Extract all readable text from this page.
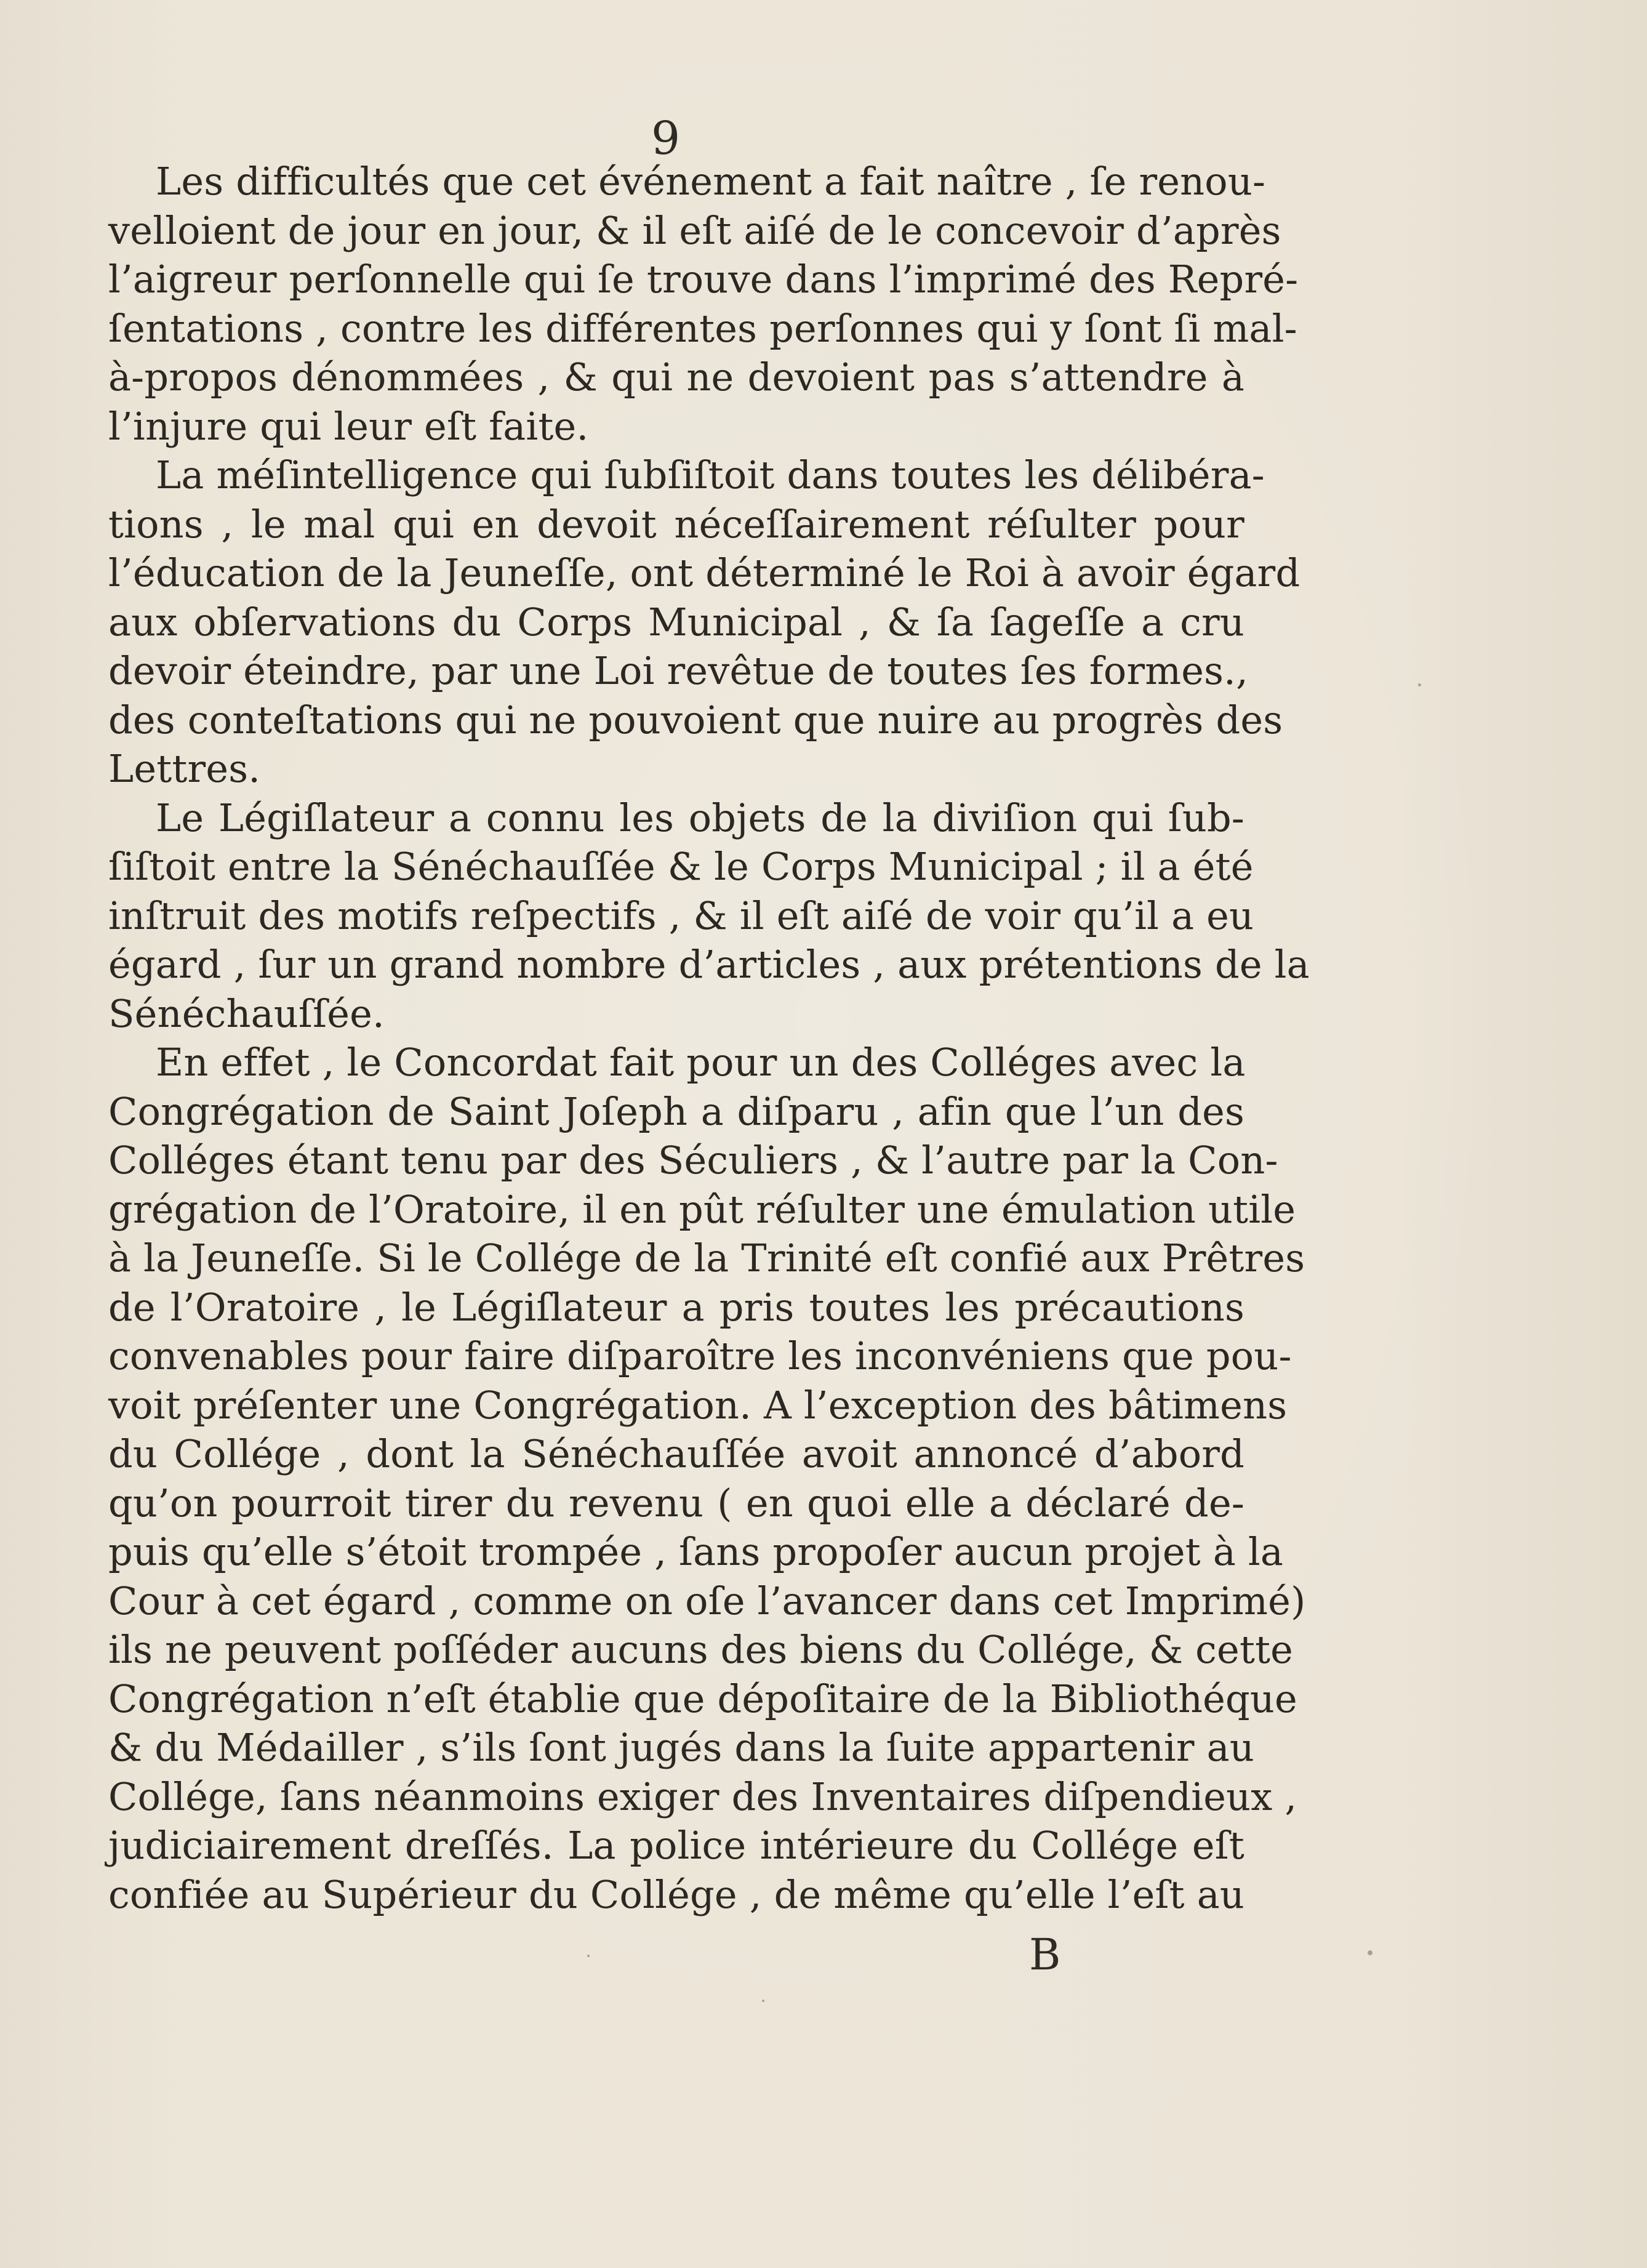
9
Les difficultés que cet événement a fait naître , ſe renou-
velloient de jour en jour, & il eſt aiſé de le concevoir d’après
l’aigreur perſonnelle qui ſe trouve dans l’imprimé des Repré-
ſentations , contre les différentes perſonnes qui y ſont ſi mal-
à-propos dénommées , & qui ne devoient pas s’attendre à
l’injure qui leur eſt faite.
La méſintelligence qui ſubſiſtoit dans toutes les délibéra-
tions , le mal qui en devoit néceſſairement réſulter pour
l’éducation de la Jeuneſſe, ont déterminé le Roi à avoir égard
aux obſervations du Corps Municipal , & ſa ſageſſe a cru
devoir éteindre, par une Loi revêtue de toutes ſes formes.,
des conteſtations qui ne pouvoient que nuire au progrès des
Lettres.
Le Légiſlateur a connu les objets de la diviſion qui ſub-
ſiſtoit entre la Sénéchauſſée & le Corps Municipal ; il a été
inſtruit des motifs reſpectifs , & il eſt aiſé de voir qu’il a eu
égard , ſur un grand nombre d’articles , aux prétentions de la
Sénéchauſſée.
En effet , le Concordat fait pour un des Colléges avec la
Congrégation de Saint Joſeph a diſparu , afin que l’un des
Colléges étant tenu par des Séculiers , & l’autre par la Con-
grégation de l’Oratoire, il en pût réſulter une émulation utile
à la Jeuneſſe. Si le Collége de la Trinité eſt confié aux Prêtres
de l’Oratoire , le Légiſlateur a pris toutes les précautions
convenables pour faire diſparoître les inconvéniens que pou-
voit préſenter une Congrégation. A l’exception des bâtimens
du Collége , dont la Sénéchauſſée avoit annoncé d’abord
qu’on pourroit tirer du revenu ( en quoi elle a déclaré de-
puis qu’elle s’étoit trompée , ſans propoſer aucun projet à la
Cour à cet égard , comme on oſe l’avancer dans cet Imprimé)
ils ne peuvent poſſéder aucuns des biens du Collége, & cette
Congrégation n’eſt établie que dépoſitaire de la Bibliothéque
& du Médailler , s’ils ſont jugés dans la ſuite appartenir au
Collége, ſans néanmoins exiger des Inventaires diſpendieux ,
judiciairement dreſſés. La police intérieure du Collége eſt
confiée au Supérieur du Collége , de même qu’elle l’eſt au
B
